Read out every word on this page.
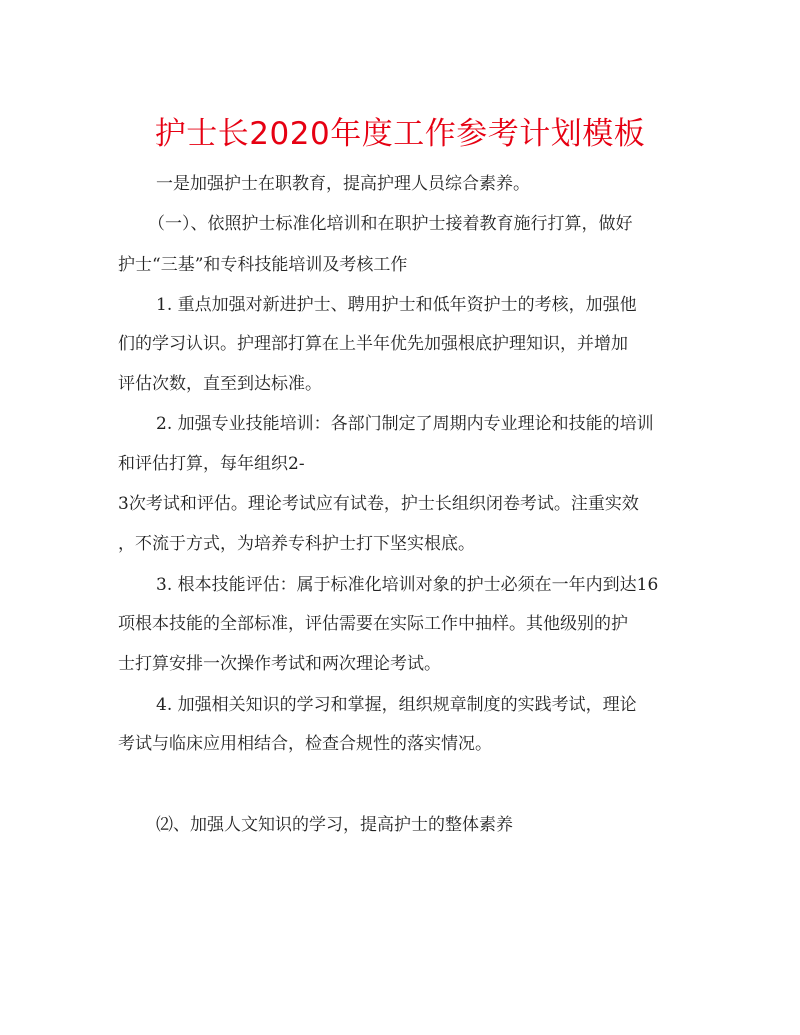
护士长2020年度工作参考计划模板
一是加强护士在职教育，提高护理人员综合素养。
（一）、依照护士标准化培训和在职护士接着教育施行打算，做好
护士“三基”和专科技能培训及考核工作
1. 重点加强对新进护士、聘用护士和低年资护士的考核，加强他
们的学习认识。护理部打算在上半年优先加强根底护理知识，并增加
评估次数，直至到达标准。
2. 加强专业技能培训：各部门制定了周期内专业理论和技能的培训
和评估打算，每年组织2-
3次考试和评估。理论考试应有试卷，护士长组织闭卷考试。注重实效
，不流于方式，为培养专科护士打下坚实根底。
3. 根本技能评估：属于标准化培训对象的护士必须在一年内到达16
项根本技能的全部标准，评估需要在实际工作中抽样。其他级别的护
士打算安排一次操作考试和两次理论考试。
4. 加强相关知识的学习和掌握，组织规章制度的实践考试，理论
考试与临床应用相结合，检查合规性的落实情况。
⑵、加强人文知识的学习，提高护士的整体素养
